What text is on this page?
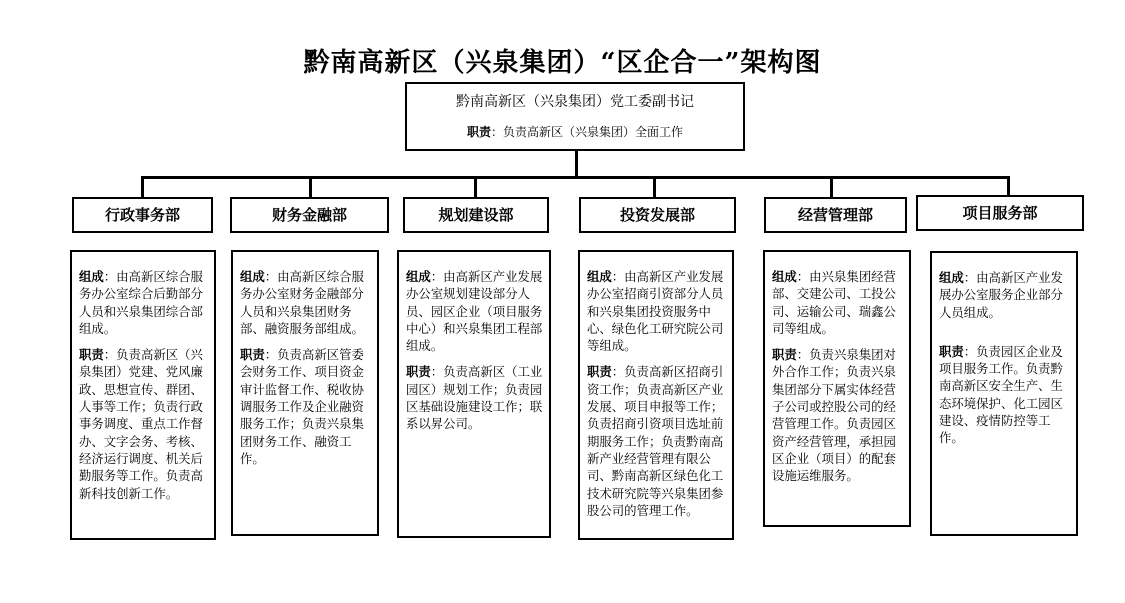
黔南高新区（兴泉集团）“区企合一”架构图
黔南高新区（兴泉集团）党工委副书记
职责：负责高新区（兴泉集团）全面工作
行政事务部	财务金融部	规划建设部	投资发展部	经营管理部	项目服务部

组成：由高新区综合服务办公室综合后勤部分人员和兴泉集团综合部组成。

职责：负责高新区（兴泉集团）党建、党风廉政、思想宣传、群团、人事等工作；负责行政事务调度、重点工作督办、文字会务、考核、经济运行调度、机关后勤服务等工作。负责高新科技创新工作。

组成：由高新区综合服务办公室财务金融部分人员和兴泉集团财务部、融资服务部组成。

职责：负责高新区管委会财务工作、项目资金审计监督工作、税收协调服务工作及企业融资服务工作；负责兴泉集团财务工作、融资工作。

组成：由高新区产业发展办公室规划建设部分人员、园区企业（项目服务中心）和兴泉集团工程部组成。

职责：负责高新区（工业园区）规划工作；负责园区基础设施建设工作；联系以昇公司。

组成：由高新区产业发展办公室招商引资部分人员和兴泉集团投资服务中心、绿色化工研究院公司等组成。

职责：负责高新区招商引资工作；负责高新区产业发展、项目申报等工作；负责招商引资项目选址前期服务工作；负责黔南高新产业经营管理有限公司、黔南高新区绿色化工技术研究院等兴泉集团参股公司的管理工作。

组成：由兴泉集团经营部、交建公司、工投公司、运输公司、瑞鑫公司等组成。

职责：负责兴泉集团对外合作工作；负责兴泉集团部分下属实体经营子公司或控股公司的经营管理工作。负责园区资产经营管理，承担园区企业（项目）的配套设施运维服务。

组成：由高新区产业发展办公室服务企业部分人员组成。

职责：负责园区企业及项目服务工作。负责黔南高新区安全生产、生态环境保护、化工园区建设、疫情防控等工作。
